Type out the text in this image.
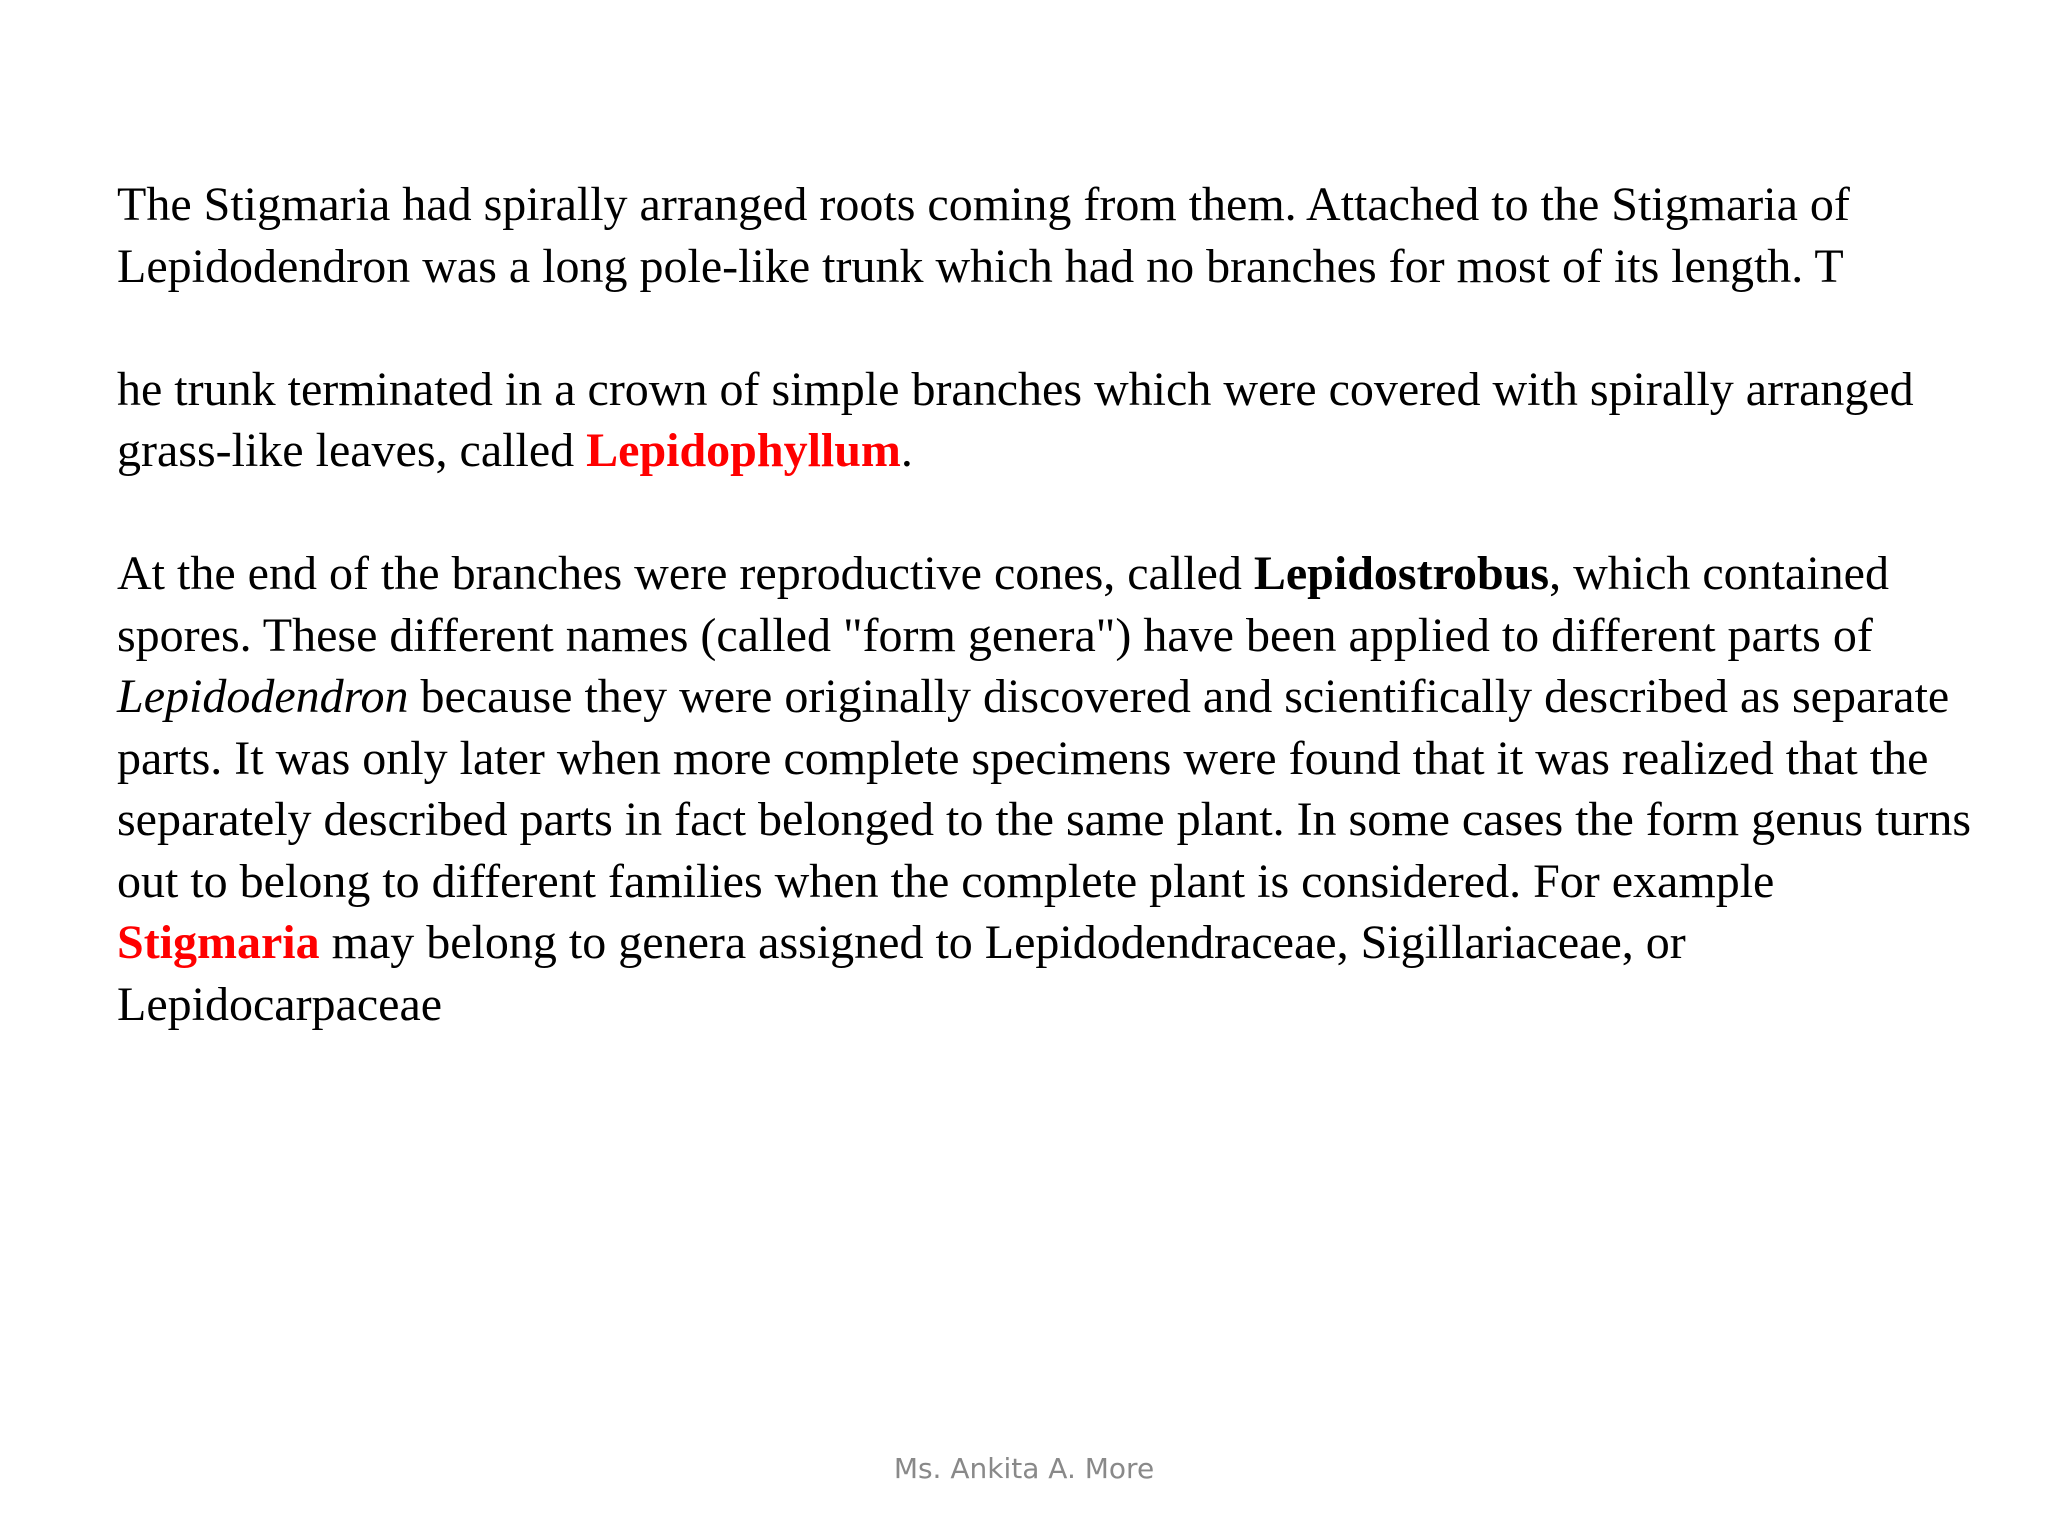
The Stigmaria had spirally arranged roots coming from them. Attached to the Stigmaria of Lepidodendron was a long pole-like trunk which had no branches for most of its length. T

he trunk terminated in a crown of simple branches which were covered with spirally arranged grass-like leaves, called Lepidophyllum.

At the end of the branches were reproductive cones, called Lepidostrobus, which contained spores. These different names (called "form genera") have been applied to different parts of Lepidodendron because they were originally discovered and scientifically described as separate parts. It was only later when more complete specimens were found that it was realized that the separately described parts in fact belonged to the same plant. In some cases the form genus turns out to belong to different families when the complete plant is considered. For example Stigmaria may belong to genera assigned to Lepidodendraceae, Sigillariaceae, or Lepidocarpaceae

Ms. Ankita A. More
